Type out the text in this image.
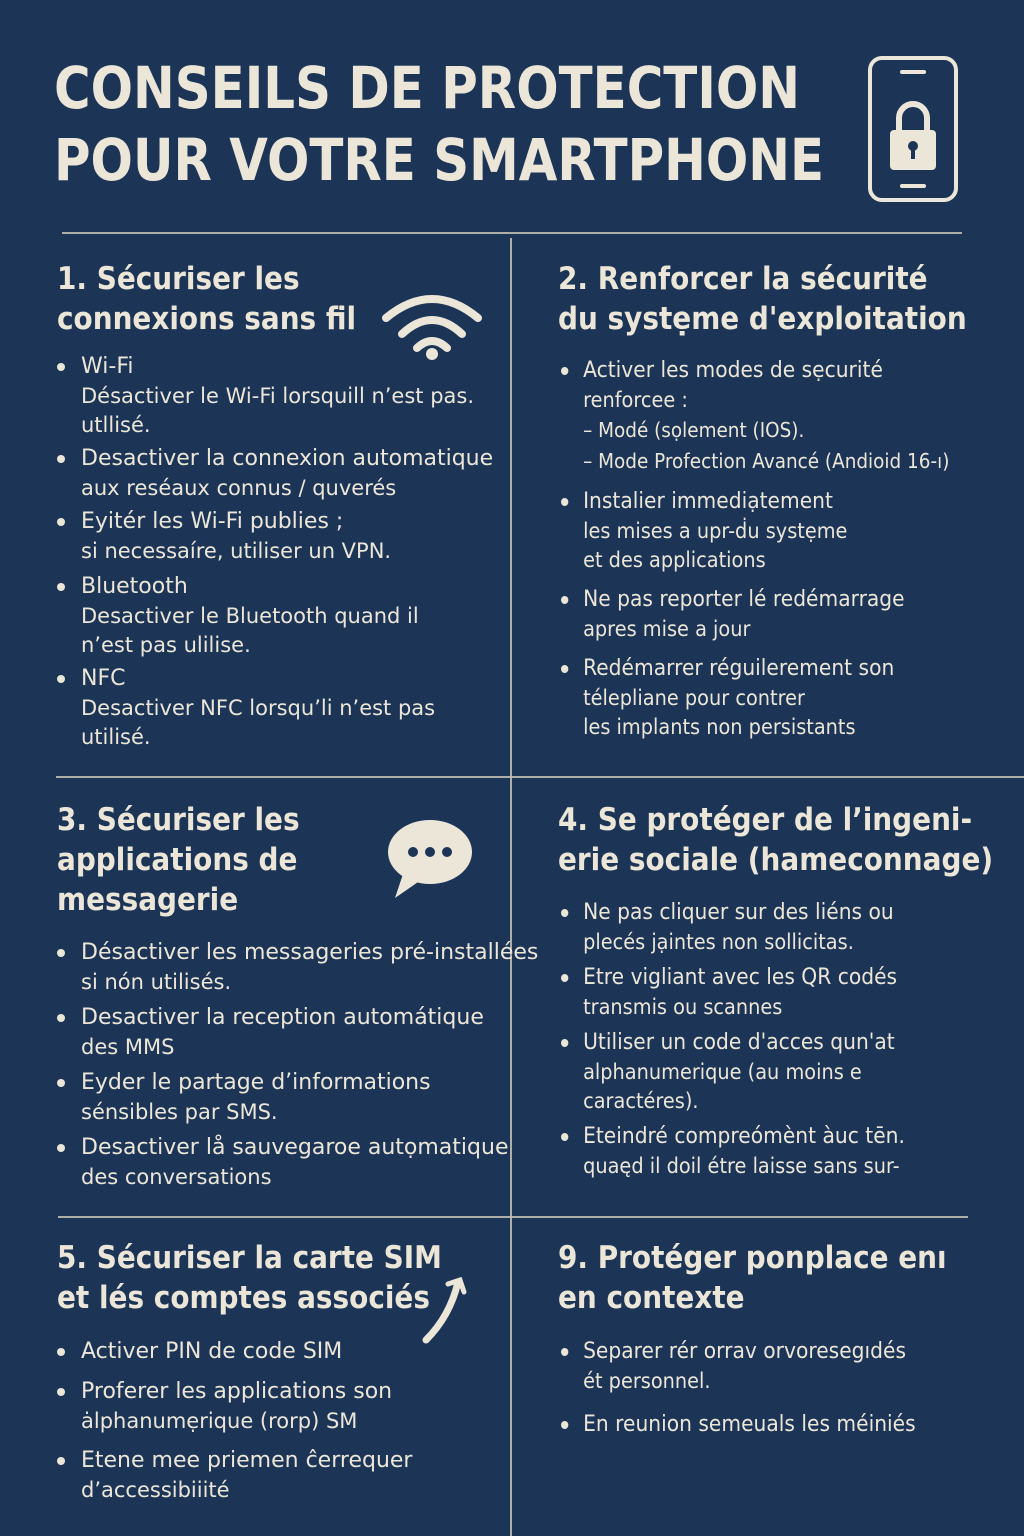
CONSEILS DE PROTECTION
POUR VOTRE SMARTPHONE
1. Sécuriser les
connexions sans fil
Wi-Fi
Désactiver le Wi-Fi lorsquill n’est pas.
utllisé.
Desactiver la connexion automatique
aux reséaux connus / quverés
Eyitér les Wi-Fi publies ;
si necessaíre, utiliser un VPN.
Bluetooth
Desactiver le Bluetooth quand il
n’est pas ulilise.
NFC
Desactiver NFC lorsqu’li n’est pas
utilisé.
2. Renforcer la sécurité
du systẹme d'exploitation
Activer les modes de sẹcurité
renforcee :
– Modé (sọlement (IOS).
– Mode Profection Avancé (Andioid 16-ı)
Instalier immediạtement
les mises a upr-ḋu systẹme
et des applications
Ne pas reporter lé redémarrage
apres mise a jour
Redémarrer réguilerement son
télepliane pour contrer
les implants non persistants
3. Sécuriser les
applications de
messagerie
Désactiver les messageries pré-installées
si nón utilisés.
Desactiver la reception automátique
des MMS
Eyder le partage d’informations
sénsibles par SMS.
Desactiver lå sauvegaroe autọmatique
des conversations
4. Se protéger de l’ingeni-
erie sociale (hameconnage)
Ne pas cliquer sur des liéns ou
plecés jạintes non sollicitas.
Etre vigliant avec les QR codés
transmis ou scannes
Utiliser un code d'acces qun'at
alphanumerique (au moins e
caractéres).
Eteindré compreómènt àuc tēn.
quaęd il doil étre laisse sans sur-
5. Sécuriser la carte SIM
et lés comptes associés
Activer PIN de code SIM
Proferer les applications son
ȧlphanumẹrique (rorp) SM
Etene mee priemen ĉerrequer
d’accessibiiité
9. Protéger ponplace enı
en contexte
Separer rér orrav orvoresegıdés
ét personnel.
En reunion semeuals les méiniés
